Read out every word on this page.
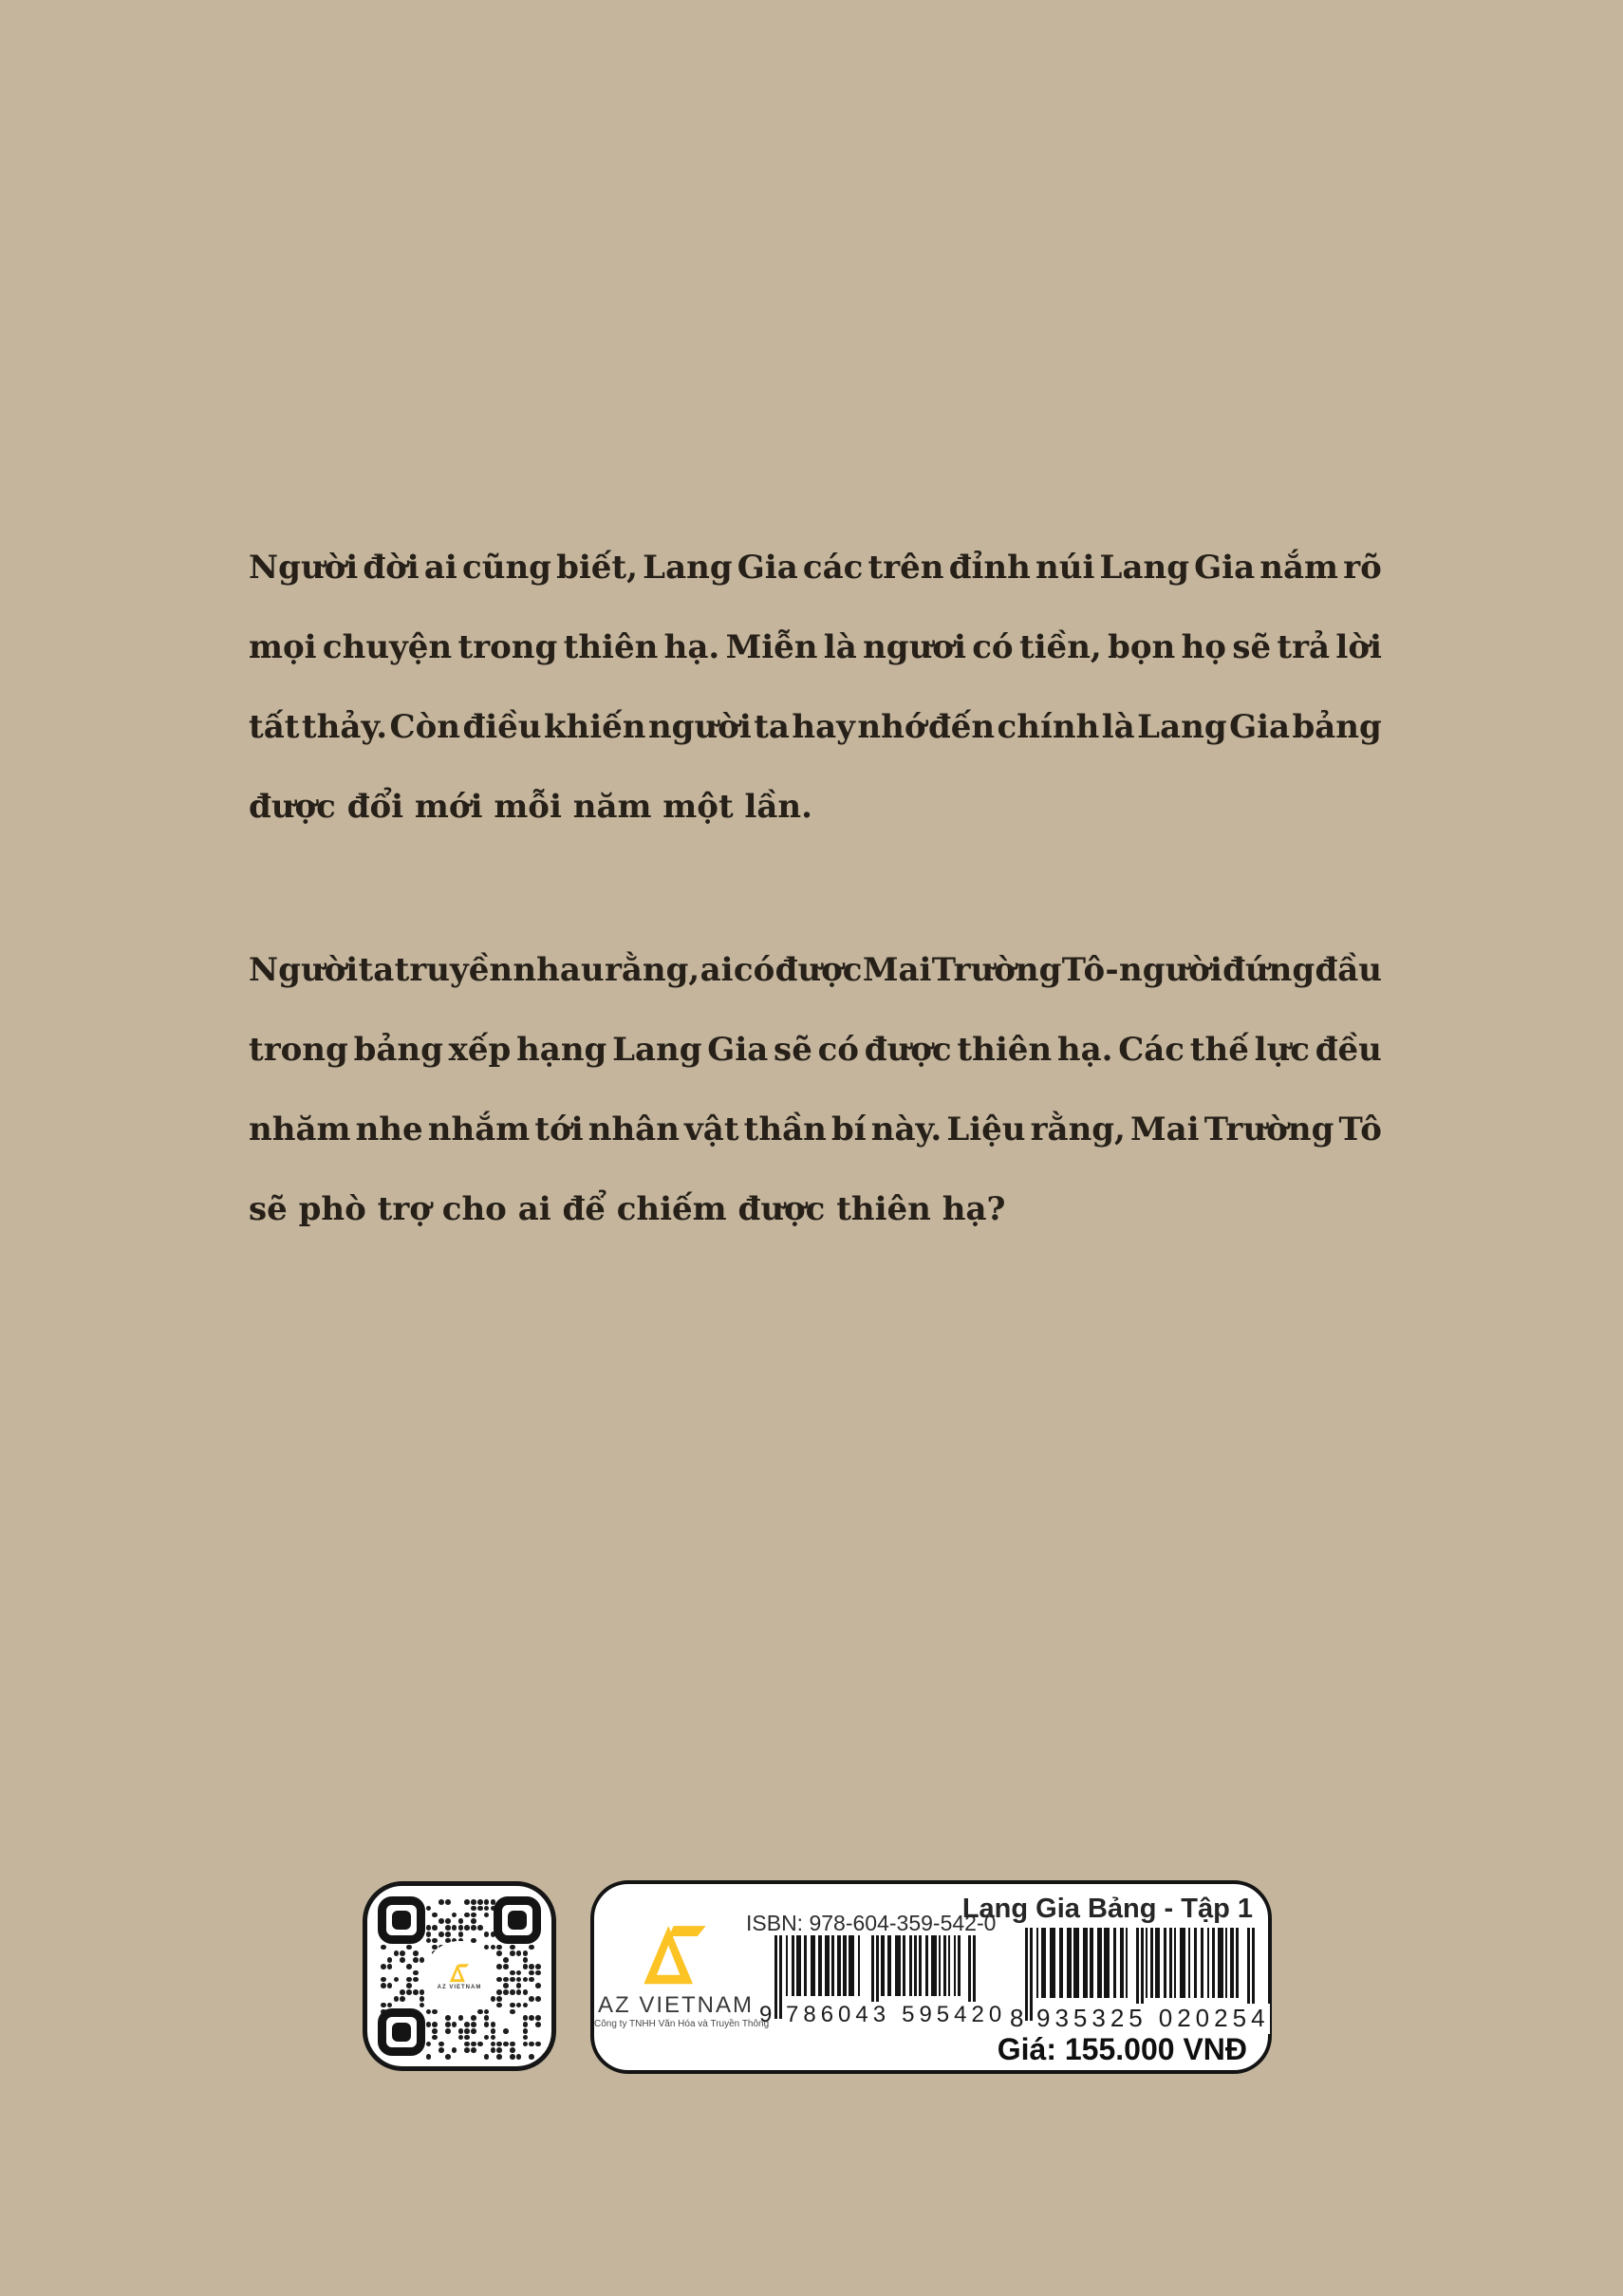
Người đời ai cũng biết, Lang Gia các trên đỉnh núi Lang Gia nắm rõ
mọi chuyện trong thiên hạ. Miễn là ngươi có tiền, bọn họ sẽ trả lời
tất thảy. Còn điều khiến người ta hay nhớ đến chính là Lang Gia bảng
được đổi mới mỗi năm một lần.
Người ta truyền nhau rằng, ai có được Mai Trường Tô - người đứng đầu
trong bảng xếp hạng Lang Gia sẽ có được thiên hạ. Các thế lực đều
nhăm nhe nhắm tới nhân vật thần bí này. Liệu rằng, Mai Trường Tô
sẽ phò trợ cho ai để chiếm được thiên hạ?
AZ VIETNAM
AZ VIETNAM
Công ty TNHH Văn Hóa và Truyền Thông
ISBN: 978-604-359-542-0
9 786043 595420
Lang Gia Bảng - Tập 1
8 935325 020254
Giá: 155.000 VNĐ
